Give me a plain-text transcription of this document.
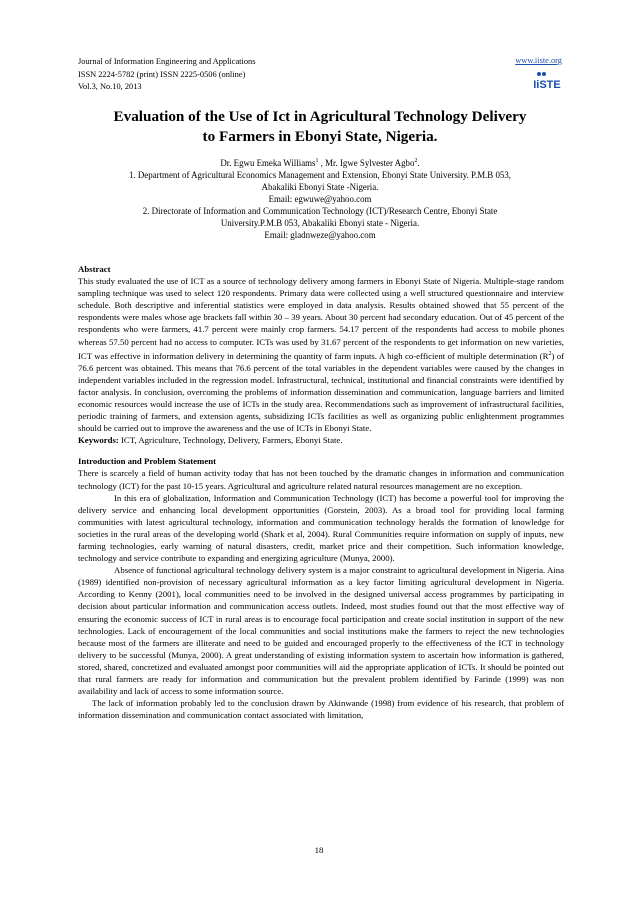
Journal of Information Engineering and Applications
ISSN 2224-5782 (print) ISSN 2225-0506 (online)
Vol.3, No.10, 2013
www.iiste.org
IiSTE
Evaluation of the Use of Ict in Agricultural Technology Delivery
to Farmers in Ebonyi State, Nigeria.
Dr. Egwu Emeka Williams$^1$ , Mr. Igwe Sylvester Agbo$^2$.
1. Department of Agricultural Economics Management and Extension, Ebonyi State University. P.M.B 053,
Abakaliki Ebonyi State -Nigeria.
Email: egwuwe@yahoo.com
2. Directorate of Information and Communication Technology (ICT)/Research Centre, Ebonyi State
University.P.M.B 053, Abakaliki Ebonyi state - Nigeria.
Email: gladnweze@yahoo.com

Abstract

This study evaluated the use of ICT as a source of technology delivery among farmers in Ebonyi State of Nigeria. Multiple-stage random sampling technique was used to select 120 respondents. Primary data were collected using a well structured questionnaire and interview schedule. Both descriptive and inferential statistics were employed in data analysis. Results obtained showed that 55 percent of the respondents were males whose age brackets fall within 30 – 39 years. About 30 percent had secondary education. Out of 45 percent of the respondents who were farmers, 41.7 percent were mainly crop farmers. 54.17 percent of the respondents had access to mobile phones whereas 57.50 percent had no access to computer. ICTs was used by 31.67 percent of the respondents to get information on new varieties, ICT was effective in information delivery in determining the quantity of farm inputs. A high co-efficient of multiple determination $(R^2)$ of 76.6 percent was obtained. This means that 76.6 percent of the total variables in the dependent variables were caused by the changes in independent variables included in the regression model. Infrastructural, technical, institutional and financial constraints were identified by factor analysis. In conclusion, overcoming the problems of information dissemination and communication, language barriers and limited economic resources would increase the use of ICTs in the study area. Recommendations such as improvement of infrastructural facilities, periodic training of farmers, and extension agents, subsidizing ICTs facilities as well as organizing public enlightenment programmes should be carried out to improve the awareness and the use of ICTs in Ebonyi State.

Keywords: ICT, Agriculture, Technology, Delivery, Farmers, Ebonyi State.

Introduction and Problem Statement

There is scarcely a field of human activity today that has not been touched by the dramatic changes in information and communication technology (ICT) for the past 10-15 years. Agricultural and agriculture related natural resources management are no exception.

In this era of globalization, Information and Communication Technology (ICT) has become a powerful tool for improving the delivery service and enhancing local development opportunities (Gorstein, 2003). As a broad tool for providing local farming communities with latest agricultural technology, information and communication technology heralds the formation of knowledge for societies in the rural areas of the developing world (Shark et al, 2004). Rural Communities require information on supply of inputs, new farming technologies, early warning of natural disasters, credit, market price and their competition. Such information knowledge, technology and service contribute to expanding and energizing agriculture (Munya, 2000).

Absence of functional agricultural technology delivery system is a major constraint to agricultural development in Nigeria. Aina (1989) identified non-provision of necessary agricultural information as a key factor limiting agricultural development in Nigeria. According to Kenny (2001), local communities need to be involved in the designed universal access programmes by participating in decision about particular information and communication access outlets. Indeed, most studies found out that the most effective way of ensuring the economic success of ICT in rural areas is to encourage focal participation and create social institution in support of the new technologies. Lack of encouragement of the local communities and social institutions make the farmers to reject the new technologies because most of the farmers are illiterate and need to be guided and encouraged properly to the effectiveness of the ICT in technology delivery to be successful (Munya, 2000). A great understanding of existing information system to ascertain how information is gathered, stored, shared, concretized and evaluated amongst poor communities will aid the appropriate application of ICTs. It should be pointed out that rural farmers are ready for information and communication but the prevalent problem identified by Farinde (1999) was non availability and lack of access to some information source.

The lack of information probably led to the conclusion drawn by Akinwande (1998) from evidence of his research, that problem of information dissemination and communication contact associated with limitation,

18
